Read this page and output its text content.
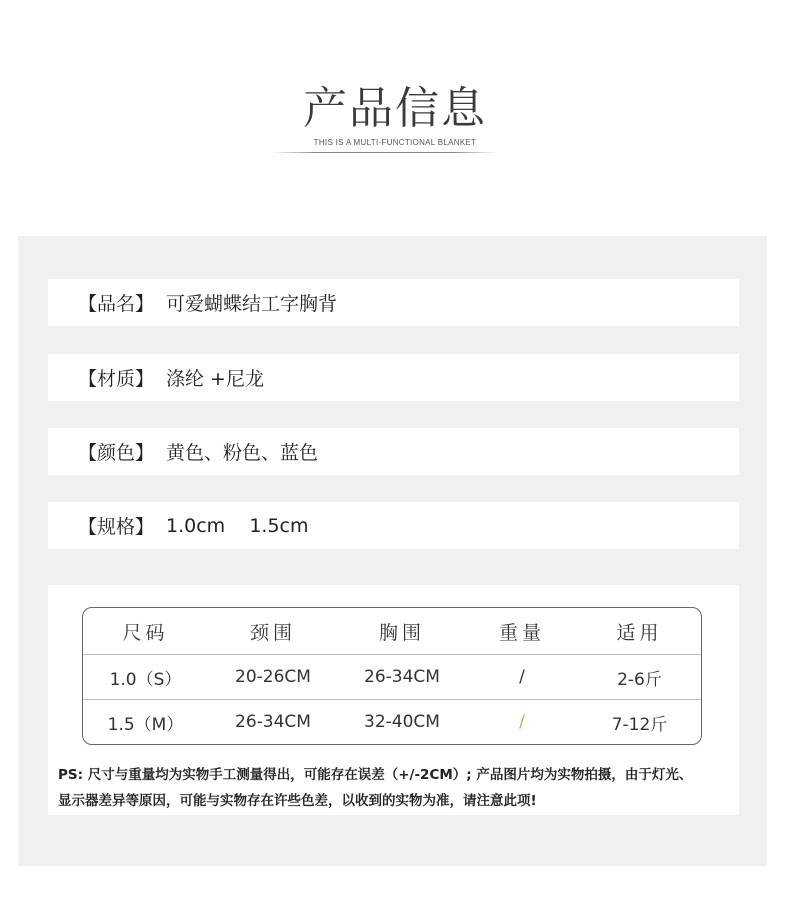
产品信息
THIS IS A MULTI-FUNCTIONAL BLANKET
【品名】 可爱蝴蝶结工字胸背
【材质】 涤纶 +尼龙
【颜色】 黄色、粉色、蓝色
【规格】 1.0cm    1.5cm
尺码	颈围	胸围	重量	适用
1.0（S）	20-26CM	26-34CM	/	2-6斤
1.5（M）	26-34CM	32-40CM	/	7-12斤
PS: 尺寸与重量均为实物手工测量得出，可能存在误差（+/-2CM）; 产品图片均为实物拍摄，由于灯光、
显示器差异等原因，可能与实物存在许些色差，以收到的实物为准，请注意此项!
